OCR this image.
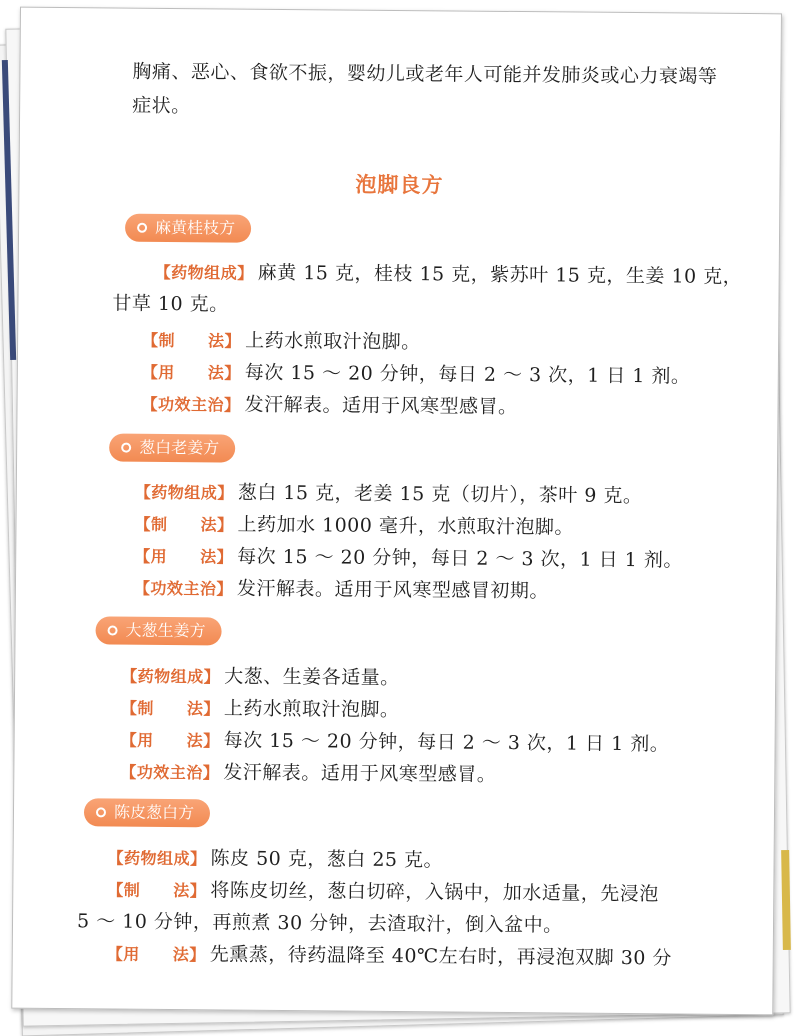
胸痛、恶心、食欲不振，婴幼儿或老年人可能并发肺炎或心力衰竭等
症状。
泡脚良方
麻黄桂枝方
【药物组成】 麻黄 15 克，桂枝 15 克，紫苏叶 15 克，生姜 10 克，
甘草 10 克。
【制　　法】 上药水煎取汁泡脚。
【用　　法】 每次 15 ～ 20 分钟，每日 2 ～ 3 次，1 日 1 剂。
【功效主治】 发汗解表。适用于风寒型感冒。
葱白老姜方
【药物组成】 葱白 15 克，老姜 15 克（切片），茶叶 9 克。
【制　　法】 上药加水 1000 毫升，水煎取汁泡脚。
【用　　法】 每次 15 ～ 20 分钟，每日 2 ～ 3 次，1 日 1 剂。
【功效主治】 发汗解表。适用于风寒型感冒初期。
大葱生姜方
【药物组成】 大葱、生姜各适量。
【制　　法】 上药水煎取汁泡脚。
【用　　法】 每次 15 ～ 20 分钟，每日 2 ～ 3 次，1 日 1 剂。
【功效主治】 发汗解表。适用于风寒型感冒。
陈皮葱白方
【药物组成】 陈皮 50 克，葱白 25 克。
【制　　法】 将陈皮切丝，葱白切碎，入锅中，加水适量，先浸泡
5 ～ 10 分钟，再煎煮 30 分钟，去渣取汁，倒入盆中。
【用　　法】 先熏蒸，待药温降至 40℃左右时，再浸泡双脚 30 分
